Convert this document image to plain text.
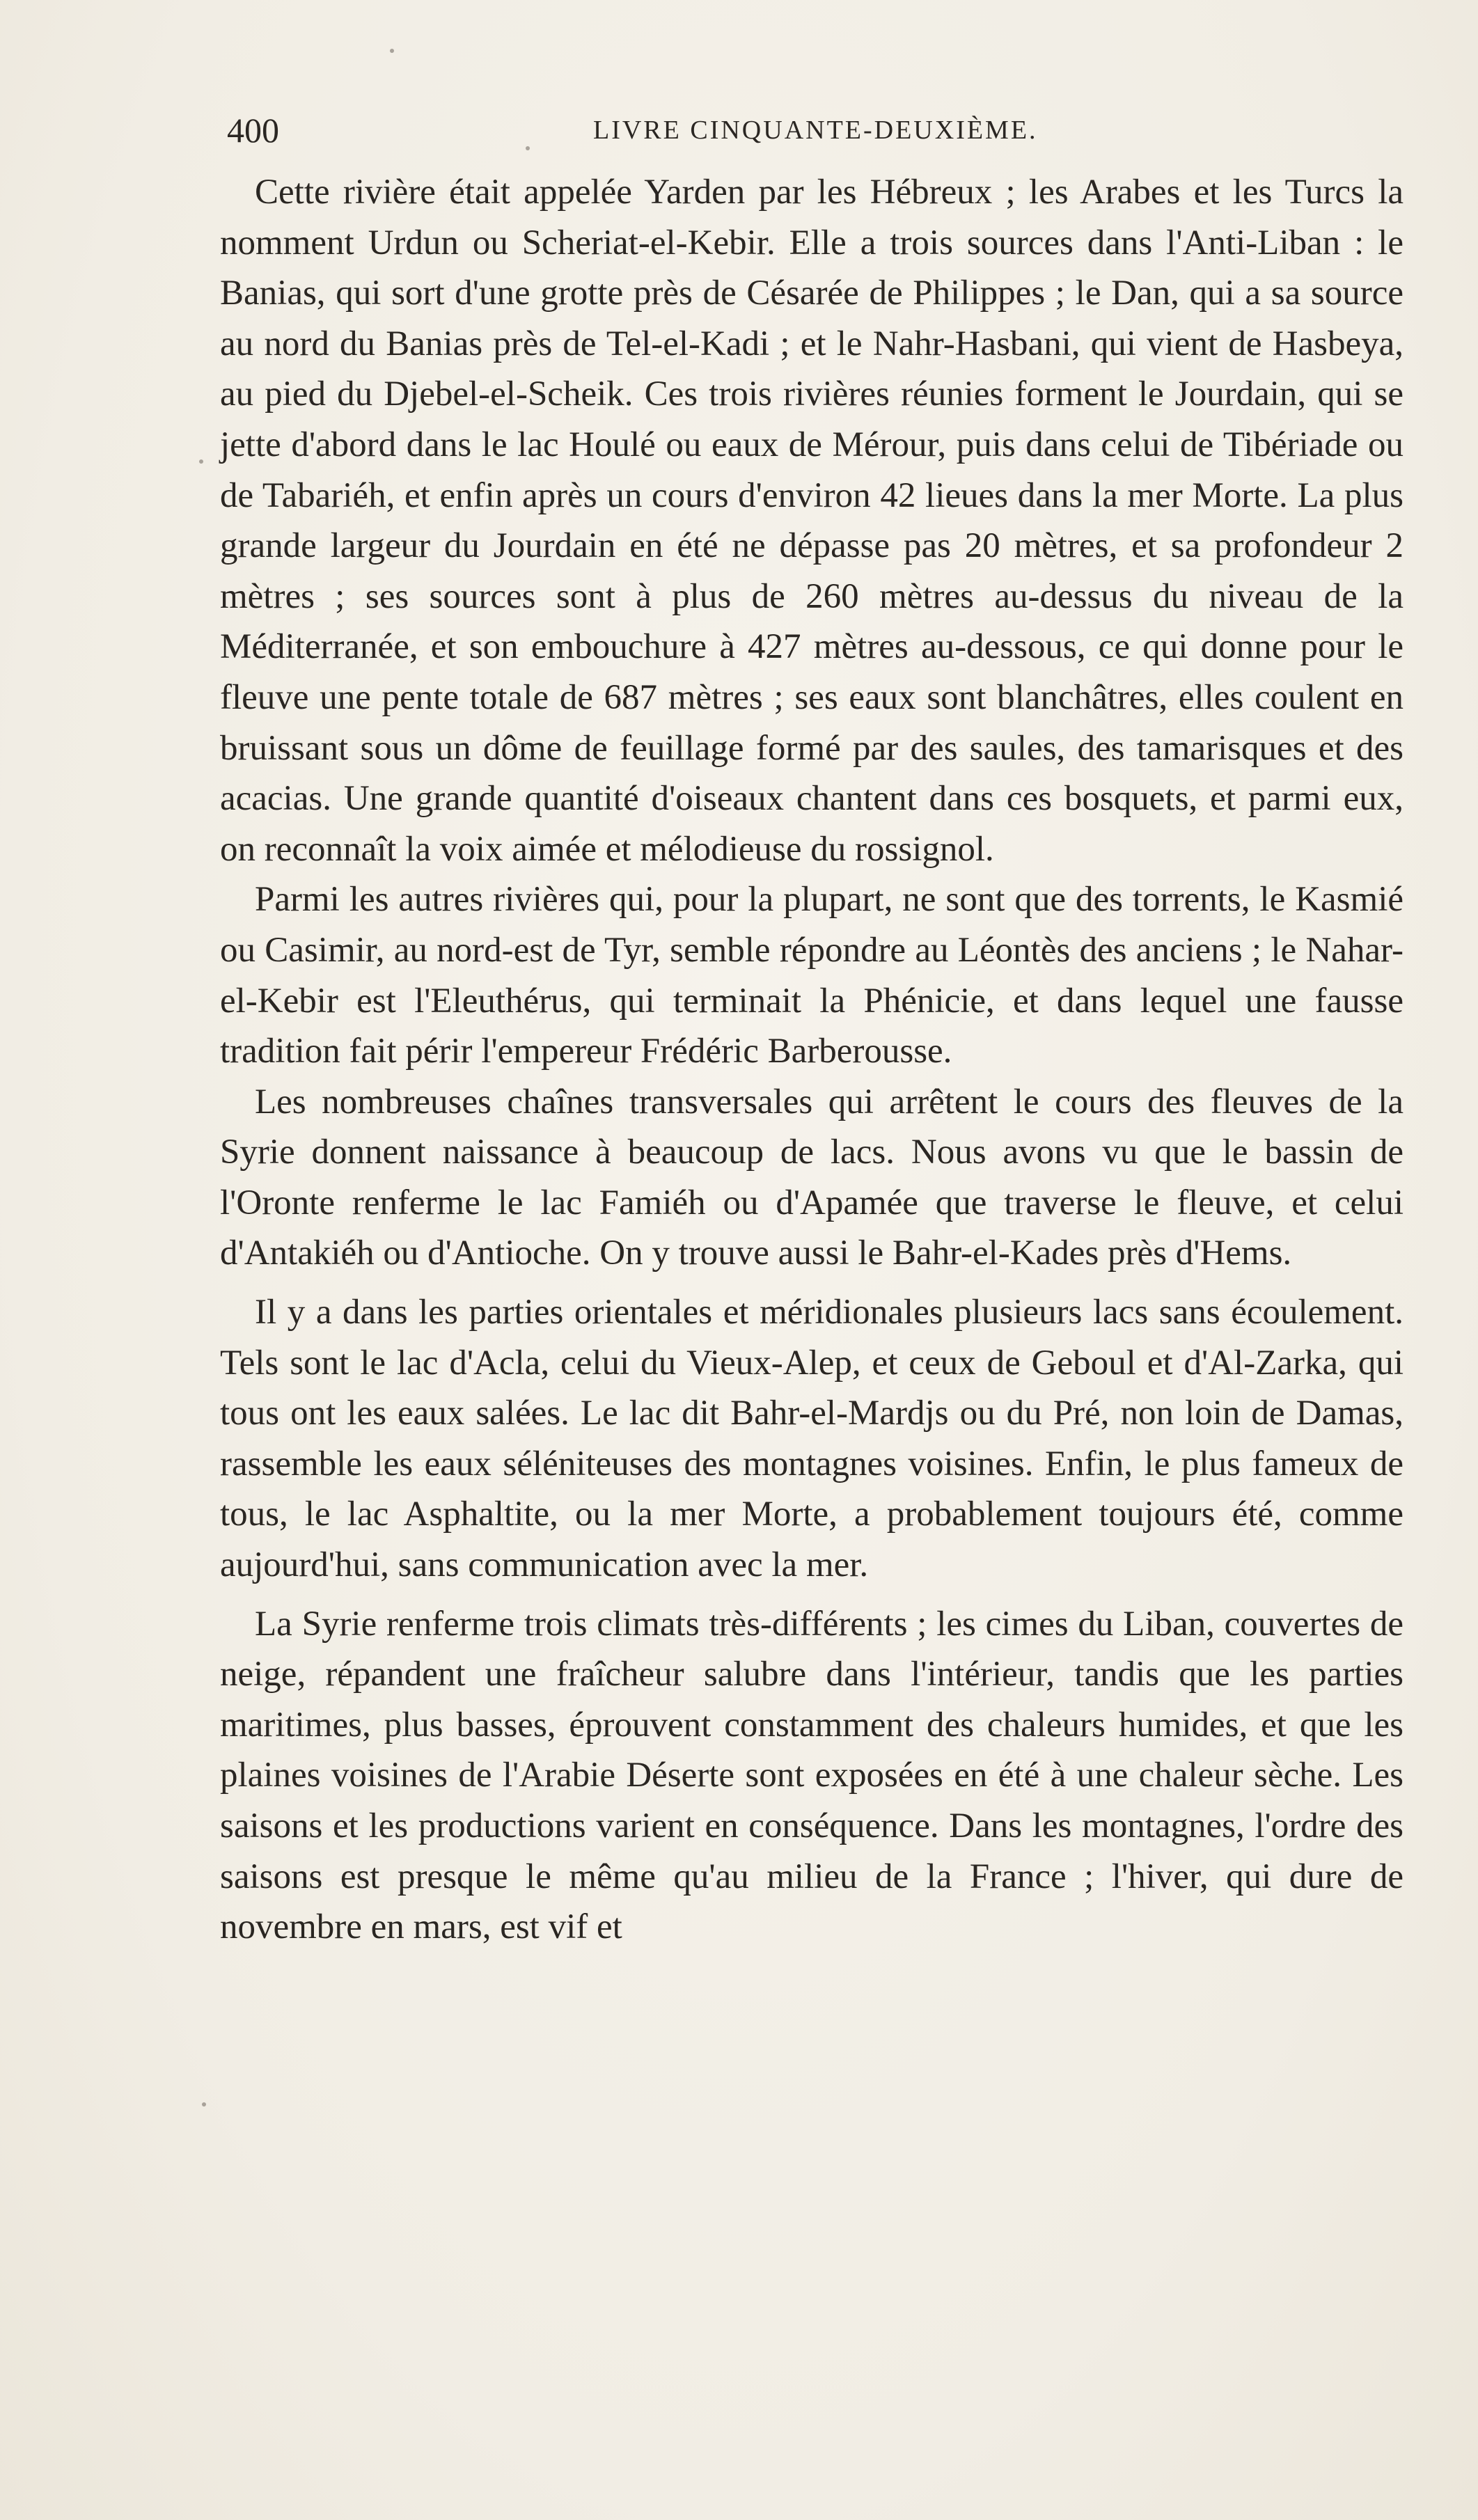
400	LIVRE CINQUANTE-DEUXIÈME.

Cette rivière était appelée Yarden par les Hébreux ; les Arabes et les Turcs la nomment Urdun ou Scheriat-el-Kebir. Elle a trois sources dans l'Anti-Liban : le Banias, qui sort d'une grotte près de Césarée de Philippes ; le Dan, qui a sa source au nord du Banias près de Tel-el-Kadi ; et le Nahr-Hasbani, qui vient de Hasbeya, au pied du Djebel-el-Scheik. Ces trois rivières réunies forment le Jourdain, qui se jette d'abord dans le lac Houlé ou eaux de Mérour, puis dans celui de Tibériade ou de Tabariéh, et enfin après un cours d'environ 42 lieues dans la mer Morte. La plus grande largeur du Jourdain en été ne dépasse pas 20 mètres, et sa profondeur 2 mètres ; ses sources sont à plus de 260 mètres au-dessus du niveau de la Méditerranée, et son embouchure à 427 mètres au-dessous, ce qui donne pour le fleuve une pente totale de 687 mètres ; ses eaux sont blanchâtres, elles coulent en bruissant sous un dôme de feuillage formé par des saules, des tamarisques et des acacias. Une grande quantité d'oiseaux chantent dans ces bosquets, et parmi eux, on reconnaît la voix aimée et mélodieuse du rossignol.

Parmi les autres rivières qui, pour la plupart, ne sont que des torrents, le Kasmié ou Casimir, au nord-est de Tyr, semble répondre au Léontès des anciens ; le Nahar-el-Kebir est l'Eleuthérus, qui terminait la Phénicie, et dans lequel une fausse tradition fait périr l'empereur Frédéric Barberousse.

Les nombreuses chaînes transversales qui arrêtent le cours des fleuves de la Syrie donnent naissance à beaucoup de lacs. Nous avons vu que le bassin de l'Oronte renferme le lac Famiéh ou d'Apamée que traverse le fleuve, et celui d'Antakiéh ou d'Antioche. On y trouve aussi le Bahr-el-Kades près d'Hems.

Il y a dans les parties orientales et méridionales plusieurs lacs sans écoulement. Tels sont le lac d'Acla, celui du Vieux-Alep, et ceux de Geboul et d'Al-Zarka, qui tous ont les eaux salées. Le lac dit Bahr-el-Mardjs ou du Pré, non loin de Damas, rassemble les eaux séléniteuses des montagnes voisines. Enfin, le plus fameux de tous, le lac Asphaltite, ou la mer Morte, a probablement toujours été, comme aujourd'hui, sans communication avec la mer.

La Syrie renferme trois climats très-différents ; les cimes du Liban, couvertes de neige, répandent une fraîcheur salubre dans l'intérieur, tandis que les parties maritimes, plus basses, éprouvent constamment des chaleurs humides, et que les plaines voisines de l'Arabie Déserte sont exposées en été à une chaleur sèche. Les saisons et les productions varient en conséquence. Dans les montagnes, l'ordre des saisons est presque le même qu'au milieu de la France ; l'hiver, qui dure de novembre en mars, est vif et
